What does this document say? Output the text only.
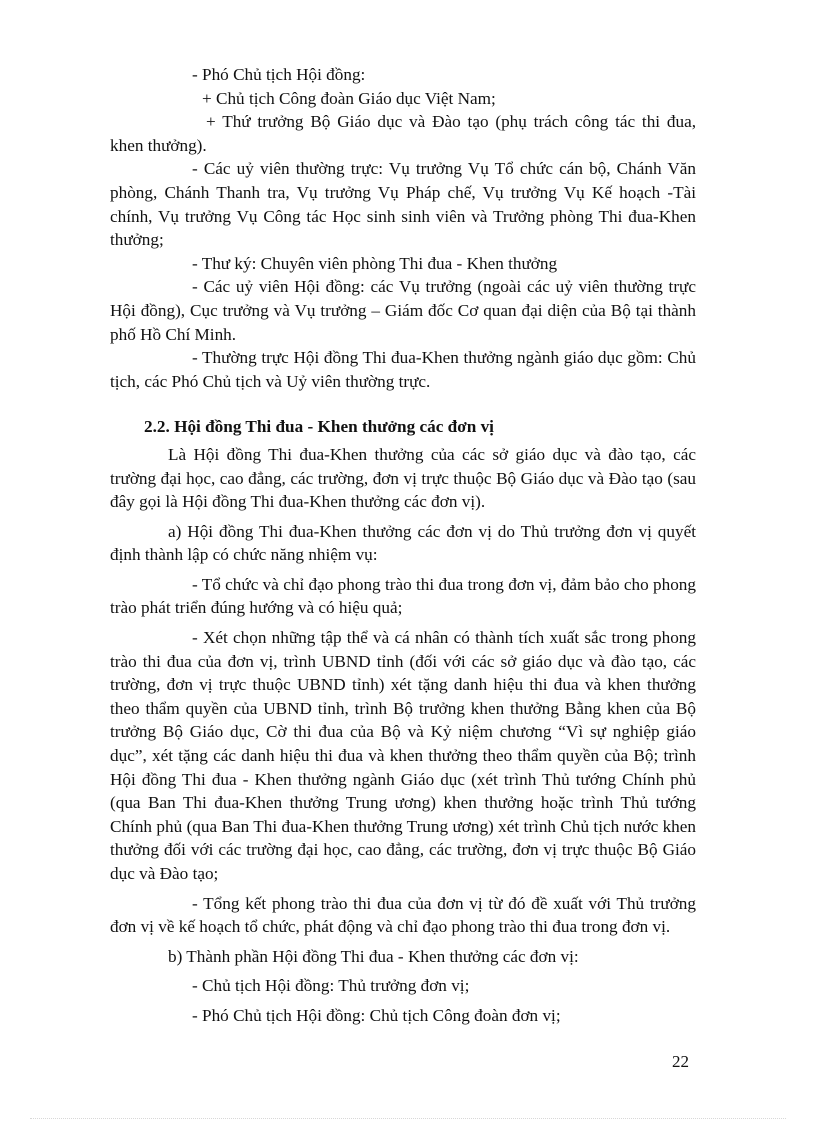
- Phó Chủ tịch Hội đồng:

+ Chủ tịch Công đoàn Giáo dục Việt Nam;

+ Thứ trưởng Bộ Giáo dục và Đào tạo (phụ trách công tác thi đua, khen thưởng).

- Các uỷ viên thường trực: Vụ trưởng Vụ Tổ chức cán bộ, Chánh Văn phòng, Chánh Thanh tra, Vụ trưởng Vụ Pháp chế, Vụ trưởng Vụ Kế hoạch -Tài chính, Vụ trưởng Vụ Công tác Học sinh sinh viên và Trưởng phòng Thi đua-Khen thưởng;

- Thư ký: Chuyên viên phòng Thi đua - Khen thưởng

- Các uỷ viên Hội đồng: các Vụ trưởng (ngoài các uỷ viên thường trực Hội đồng), Cục trưởng và Vụ trưởng – Giám đốc Cơ quan đại diện của Bộ tại thành phố Hồ Chí Minh.

- Thường trực Hội đồng Thi đua-Khen thưởng ngành giáo dục gồm: Chủ tịch, các Phó Chủ tịch và Uỷ viên thường trực.

2.2. Hội đồng Thi đua - Khen thưởng các đơn vị

Là Hội đồng Thi đua-Khen thưởng của các sở giáo dục và đào tạo, các trường đại học, cao đẳng, các trường, đơn vị trực thuộc Bộ Giáo dục và Đào tạo (sau đây gọi là Hội đồng Thi đua-Khen thưởng các đơn vị).

a) Hội đồng Thi đua-Khen thưởng các đơn vị do Thủ trưởng đơn vị quyết định thành lập có chức năng nhiệm vụ:

- Tổ chức và chỉ đạo phong trào thi đua trong đơn vị, đảm bảo cho phong trào phát triển đúng hướng và có hiệu quả;

- Xét chọn những tập thể và cá nhân có thành tích xuất sắc trong phong trào thi đua của đơn vị, trình UBND tỉnh (đối với các sở giáo dục và đào tạo, các trường, đơn vị trực thuộc UBND tỉnh) xét tặng danh hiệu thi đua và khen thưởng theo thẩm quyền của UBND tỉnh, trình Bộ trưởng khen thưởng Bằng khen của Bộ trưởng Bộ Giáo dục, Cờ thi đua của Bộ và Kỷ niệm chương “Vì sự nghiệp giáo dục”, xét tặng các danh hiệu thi đua và khen thưởng theo thẩm quyền của Bộ; trình Hội đồng Thi đua - Khen thưởng ngành Giáo dục (xét trình Thủ tướng Chính phủ (qua Ban Thi đua-Khen thưởng Trung ương) khen thưởng hoặc trình Thủ tướng Chính phủ (qua Ban Thi đua-Khen thưởng Trung ương) xét trình Chủ tịch nước khen thưởng đối với các trường đại học, cao đẳng, các trường, đơn vị trực thuộc Bộ Giáo dục và Đào tạo;

- Tổng kết phong trào thi đua của đơn vị từ đó đề xuất với Thủ trưởng đơn vị về kế hoạch tổ chức, phát động và chỉ đạo phong trào thi đua trong đơn vị.

b) Thành phần Hội đồng Thi đua - Khen thưởng các đơn vị:

- Chủ tịch Hội đồng: Thủ trưởng đơn vị;

- Phó Chủ tịch Hội đồng: Chủ tịch Công đoàn đơn vị;

22
